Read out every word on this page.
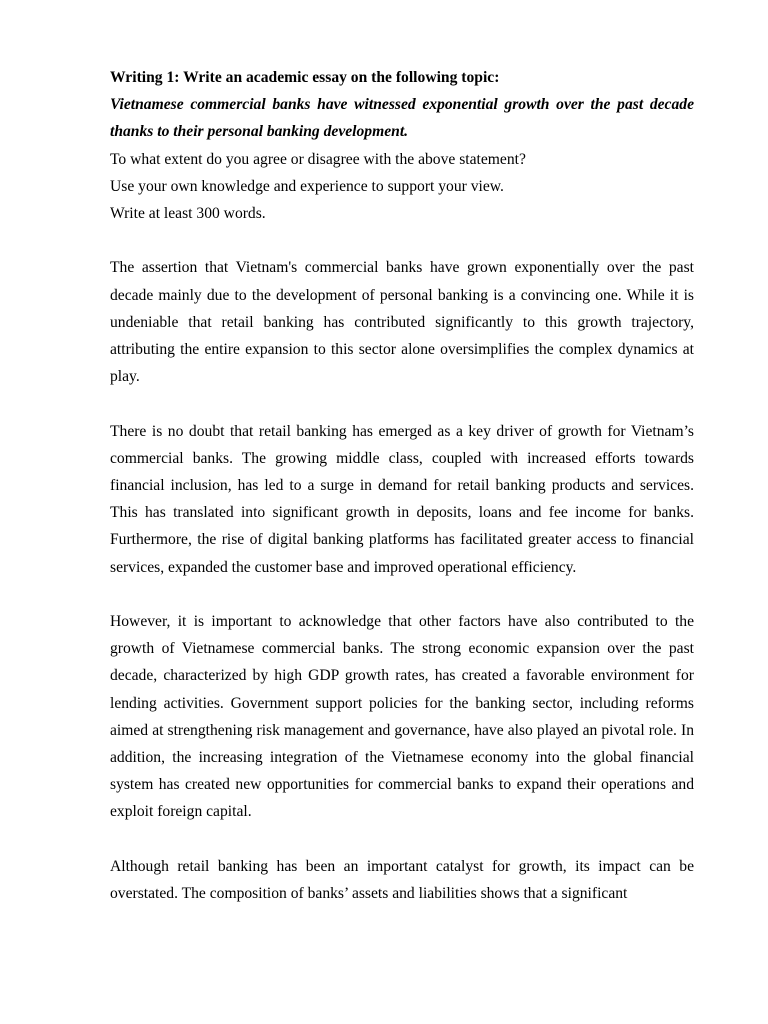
Writing 1: Write an academic essay on the following topic:

Vietnamese commercial banks have witnessed exponential growth over the past decade thanks to their personal banking development.

To what extent do you agree or disagree with the above statement?

Use your own knowledge and experience to support your view.

Write at least 300 words.

The assertion that Vietnam's commercial banks have grown exponentially over the past decade mainly due to the development of personal banking is a convincing one. While it is undeniable that retail banking has contributed significantly to this growth trajectory, attributing the entire expansion to this sector alone oversimplifies the complex dynamics at play.

There is no doubt that retail banking has emerged as a key driver of growth for Vietnam’s commercial banks. The growing middle class, coupled with increased efforts towards financial inclusion, has led to a surge in demand for retail banking products and services. This has translated into significant growth in deposits, loans and fee income for banks. Furthermore, the rise of digital banking platforms has facilitated greater access to financial services, expanded the customer base and improved operational efficiency.

However, it is important to acknowledge that other factors have also contributed to the growth of Vietnamese commercial banks. The strong economic expansion over the past decade, characterized by high GDP growth rates, has created a favorable environment for lending activities. Government support policies for the banking sector, including reforms aimed at strengthening risk management and governance, have also played an pivotal role. In addition, the increasing integration of the Vietnamese economy into the global financial system has created new opportunities for commercial banks to expand their operations and exploit foreign capital.

Although retail banking has been an important catalyst for growth, its impact can be overstated. The composition of banks’ assets and liabilities shows that a significant
